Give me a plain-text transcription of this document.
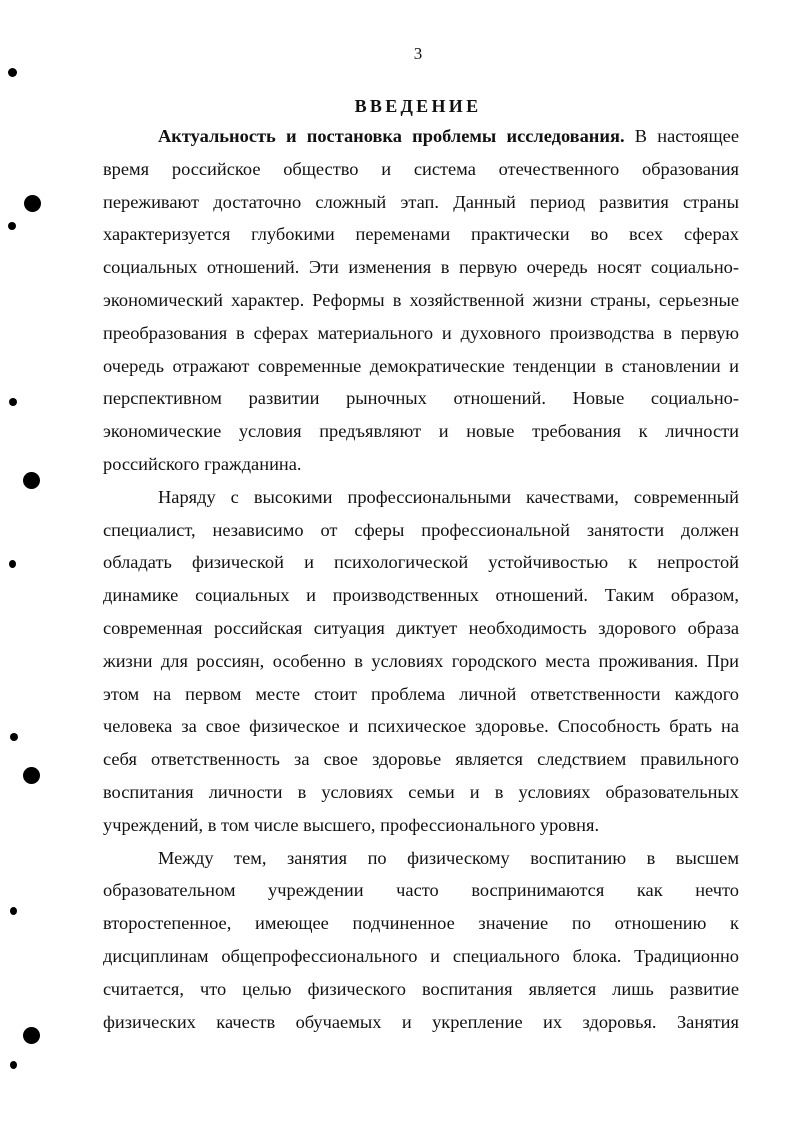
3
ВВЕДЕНИЕ

Актуальность и постановка проблемы исследования. В настоящее
время российское общество и система отечественного образования
переживают достаточно сложный этап. Данный период развития страны
характеризуется глубокими переменами практически во всех сферах
социальных отношений. Эти изменения в первую очередь носят социально-
экономический характер. Реформы в хозяйственной жизни страны, серьезные
преобразования в сферах материального и духовного производства в первую
очередь отражают современные демократические тенденции в становлении и
перспективном развитии рыночных отношений. Новые социально-
экономические условия предъявляют и новые требования к личности
российского гражданина.

Наряду с высокими профессиональными качествами, современный
специалист, независимо от сферы профессиональной занятости должен
обладать физической и психологической устойчивостью к непростой
динамике социальных и производственных отношений. Таким образом,
современная российская ситуация диктует необходимость здорового образа
жизни для россиян, особенно в условиях городского места проживания. При
этом на первом месте стоит проблема личной ответственности каждого
человека за свое физическое и психическое здоровье. Способность брать на
себя ответственность за свое здоровье является следствием правильного
воспитания личности в условиях семьи и в условиях образовательных
учреждений, в том числе высшего, профессионального уровня.

Между тем, занятия по физическому воспитанию в высшем
образовательном учреждении часто воспринимаются как нечто
второстепенное, имеющее подчиненное значение по отношению к
дисциплинам общепрофессионального и специального блока. Традиционно
считается, что целью физического воспитания является лишь развитие
физических качеств обучаемых и укрепление их здоровья. Занятия
